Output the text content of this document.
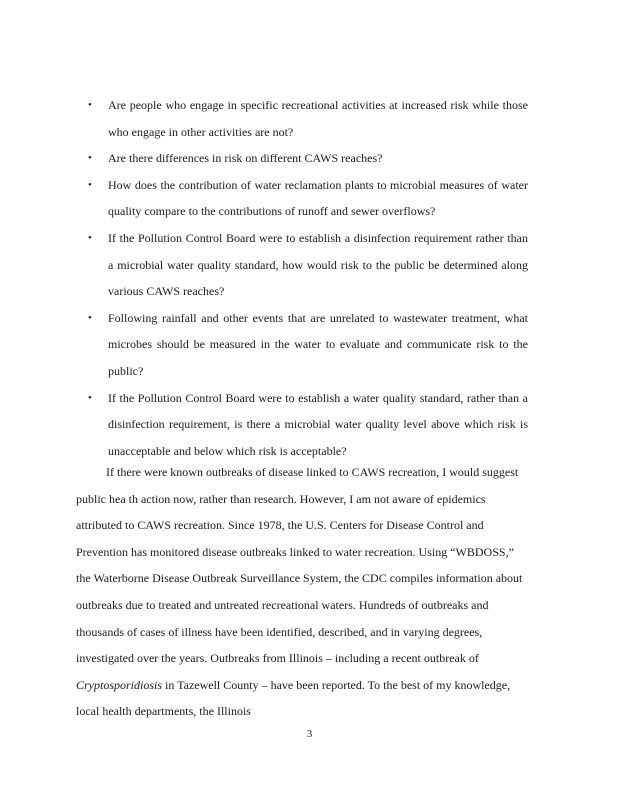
• Are people who engage in specific recreational activities at increased risk while those who engage in other activities are not?
• Are there differences in risk on different CAWS reaches?
• How does the contribution of water reclamation plants to microbial measures of water quality compare to the contributions of runoff and sewer overflows?
• If the Pollution Control Board were to establish a disinfection requirement rather than a microbial water quality standard, how would risk to the public be determined along various CAWS reaches?
• Following rainfall and other events that are unrelated to wastewater treatment, what microbes should be measured in the water to evaluate and communicate risk to the public?
• If the Pollution Control Board were to establish a water quality standard, rather than a disinfection requirement, is there a microbial water quality level above which risk is unacceptable and below which risk is acceptable?

If there were known outbreaks of disease linked to CAWS recreation, I would suggest public hea th action now, rather than research. However, I am not aware of epidemics attributed to CAWS recreation. Since 1978, the U.S. Centers for Disease Control and Prevention has monitored disease outbreaks linked to water recreation. Using “WBDOSS,” the Waterborne Disease Outbreak Surveillance System, the CDC compiles information about outbreaks due to treated and untreated recreational waters. Hundreds of outbreaks and thousands of cases of illness have been identified, described, and in varying degrees, investigated over the years. Outbreaks from Illinois – including a recent outbreak of Cryptosporidiosis in Tazewell County – have been reported. To the best of my knowledge, local health departments, the Illinois

3
